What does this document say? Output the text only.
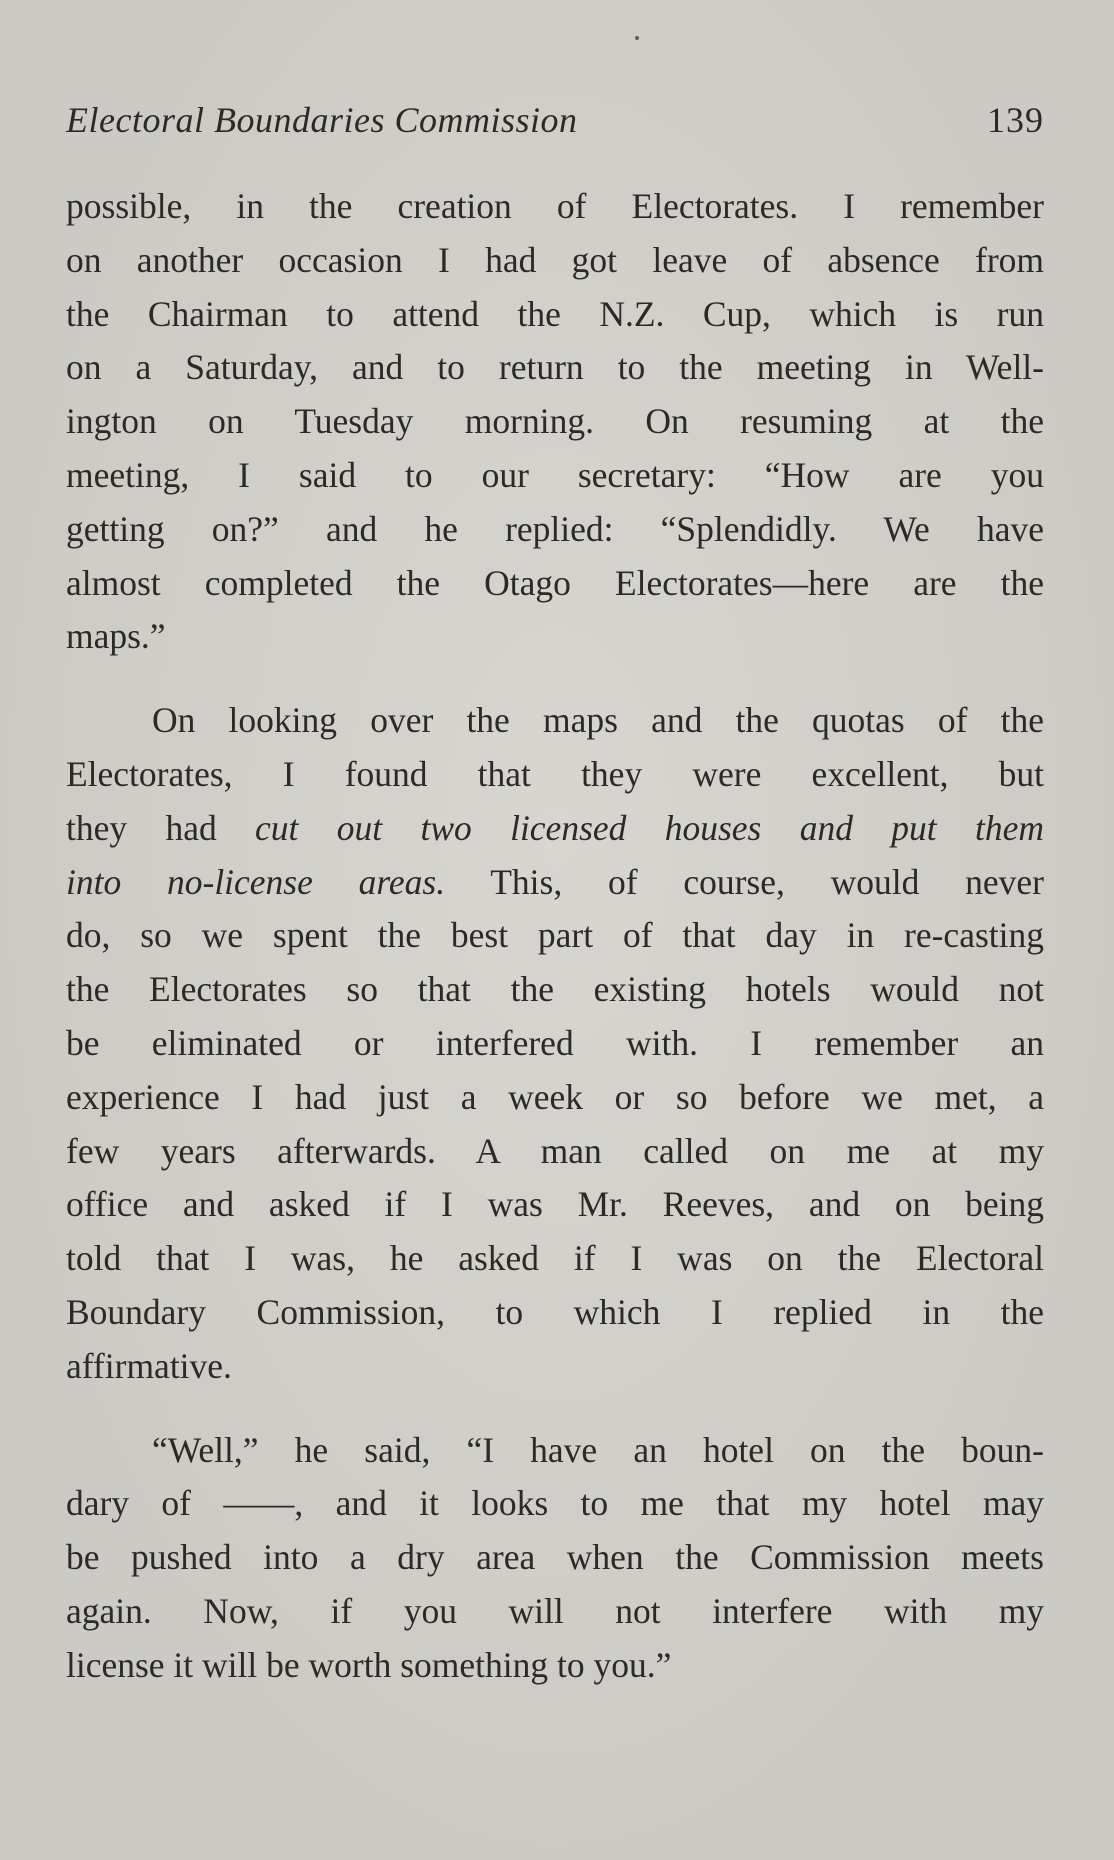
Electoral Boundaries Commission	139

possible, in the creation of Electorates. I remember
on another occasion I had got leave of absence from
the Chairman to attend the N.Z. Cup, which is run
on a Saturday, and to return to the meeting in Well-
ington on Tuesday morning. On resuming at the
meeting, I said to our secretary: “How are you
getting on?” and he replied: “Splendidly. We have
almost completed the Otago Electorates—here are the
maps.”

On looking over the maps and the quotas of the
Electorates, I found that they were excellent, but
they had cut out two licensed houses and put them
into no-license areas. This, of course, would never
do, so we spent the best part of that day in re-casting
the Electorates so that the existing hotels would not
be eliminated or interfered with. I remember an
experience I had just a week or so before we met, a
few years afterwards. A man called on me at my
office and asked if I was Mr. Reeves, and on being
told that I was, he asked if I was on the Electoral
Boundary Commission, to which I replied in the
affirmative.

“Well,” he said, “I have an hotel on the boun-
dary of ——, and it looks to me that my hotel may
be pushed into a dry area when the Commission meets
again. Now, if you will not interfere with my
license it will be worth something to you.”
